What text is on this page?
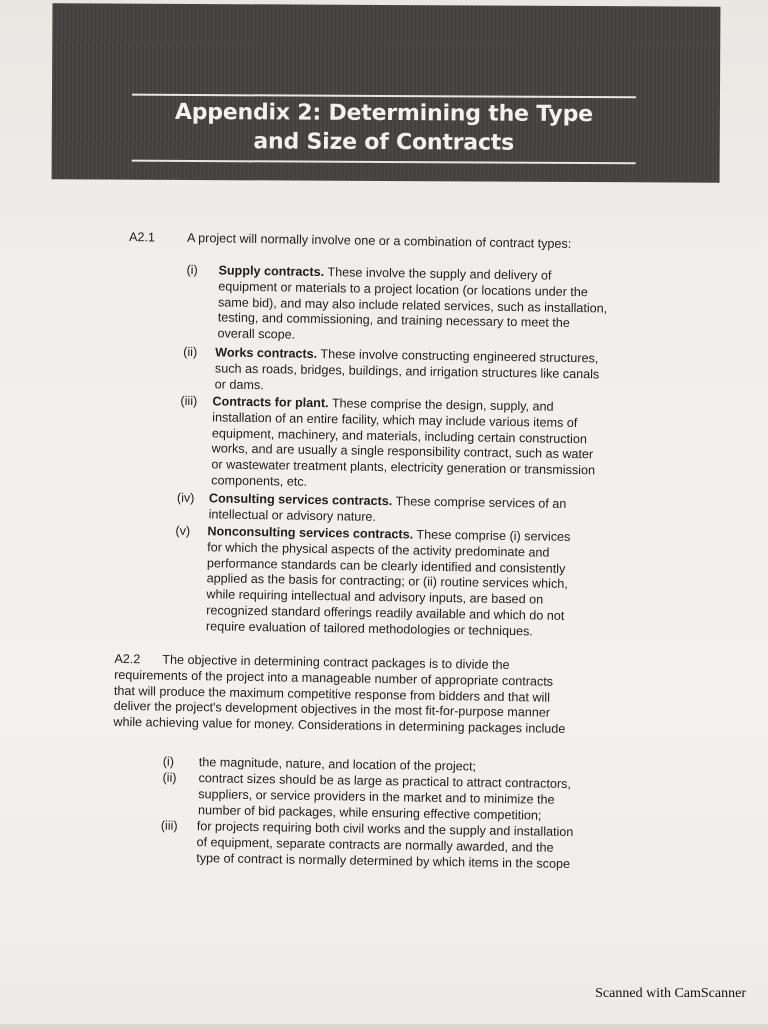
Appendix 2: Determining the Type
and Size of Contracts
A2.1	A project will normally involve one or a combination of contract types:
(i) Supply contracts. These involve the supply and delivery of
equipment or materials to a project location (or locations under the
same bid), and may also include related services, such as installation,
testing, and commissioning, and training necessary to meet the
overall scope.
(ii) Works contracts. These involve constructing engineered structures,
such as roads, bridges, buildings, and irrigation structures like canals
or dams.
(iii) Contracts for plant. These comprise the design, supply, and
installation of an entire facility, which may include various items of
equipment, machinery, and materials, including certain construction
works, and are usually a single responsibility contract, such as water
or wastewater treatment plants, electricity generation or transmission
components, etc.
(iv) Consulting services contracts. These comprise services of an
intellectual or advisory nature.
(v) Nonconsulting services contracts. These comprise (i) services
for which the physical aspects of the activity predominate and
performance standards can be clearly identified and consistently
applied as the basis for contracting; or (ii) routine services which,
while requiring intellectual and advisory inputs, are based on
recognized standard offerings readily available and which do not
require evaluation of tailored methodologies or techniques.
A2.2 The objective in determining contract packages is to divide the
requirements of the project into a manageable number of appropriate contracts
that will produce the maximum competitive response from bidders and that will
deliver the project's development objectives in the most fit-for-purpose manner
while achieving value for money. Considerations in determining packages include
(i) the magnitude, nature, and location of the project;
(ii) contract sizes should be as large as practical to attract contractors,
suppliers, or service providers in the market and to minimize the
number of bid packages, while ensuring effective competition;
(iii) for projects requiring both civil works and the supply and installation
of equipment, separate contracts are normally awarded, and the
type of contract is normally determined by which items in the scope
Scanned with CamScanner
